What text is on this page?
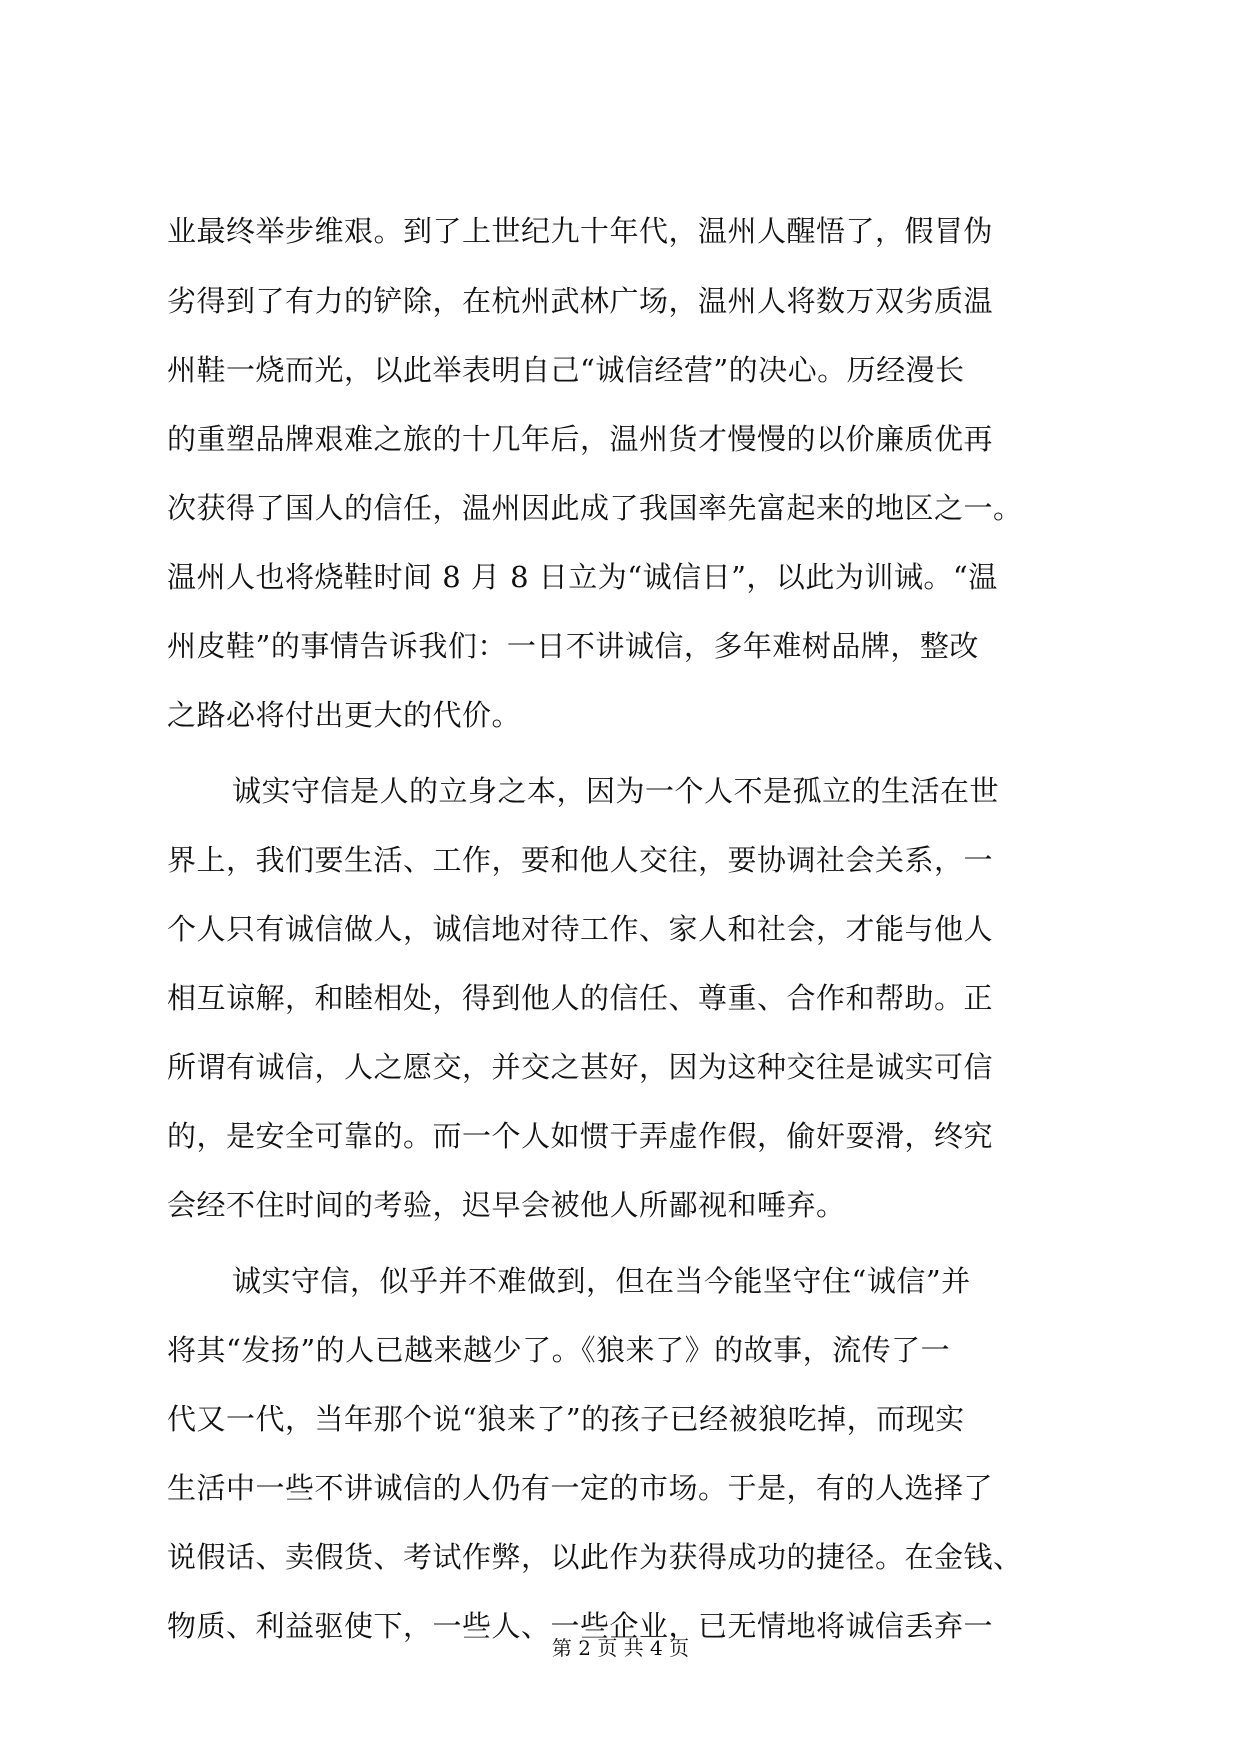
业最终举步维艰。到了上世纪九十年代，温州人醒悟了，假冒伪
劣得到了有力的铲除，在杭州武林广场，温州人将数万双劣质温
州鞋一烧而光，以此举表明自己“诚信经营”的决心。历经漫长
的重塑品牌艰难之旅的十几年后，温州货才慢慢的以价廉质优再
次获得了国人的信任，温州因此成了我国率先富起来的地区之一。
温州人也将烧鞋时间 8 月 8 日立为“诚信日”，以此为训诫。“温
州皮鞋”的事情告诉我们：一日不讲诚信，多年难树品牌，整改
之路必将付出更大的代价。
诚实守信是人的立身之本，因为一个人不是孤立的生活在世
界上，我们要生活、工作，要和他人交往，要协调社会关系，一
个人只有诚信做人，诚信地对待工作、家人和社会，才能与他人
相互谅解，和睦相处，得到他人的信任、尊重、合作和帮助。正
所谓有诚信，人之愿交，并交之甚好，因为这种交往是诚实可信
的，是安全可靠的。而一个人如惯于弄虚作假，偷奸耍滑，终究
会经不住时间的考验，迟早会被他人所鄙视和唾弃。
诚实守信，似乎并不难做到，但在当今能坚守住“诚信”并
将其“发扬”的人已越来越少了。《狼来了》的故事，流传了一
代又一代，当年那个说“狼来了”的孩子已经被狼吃掉，而现实
生活中一些不讲诚信的人仍有一定的市场。于是，有的人选择了
说假话、卖假货、考试作弊，以此作为获得成功的捷径。在金钱、
物质、利益驱使下，一些人、一些企业，已无情地将诚信丢弃一
第 2 页 共 4 页
